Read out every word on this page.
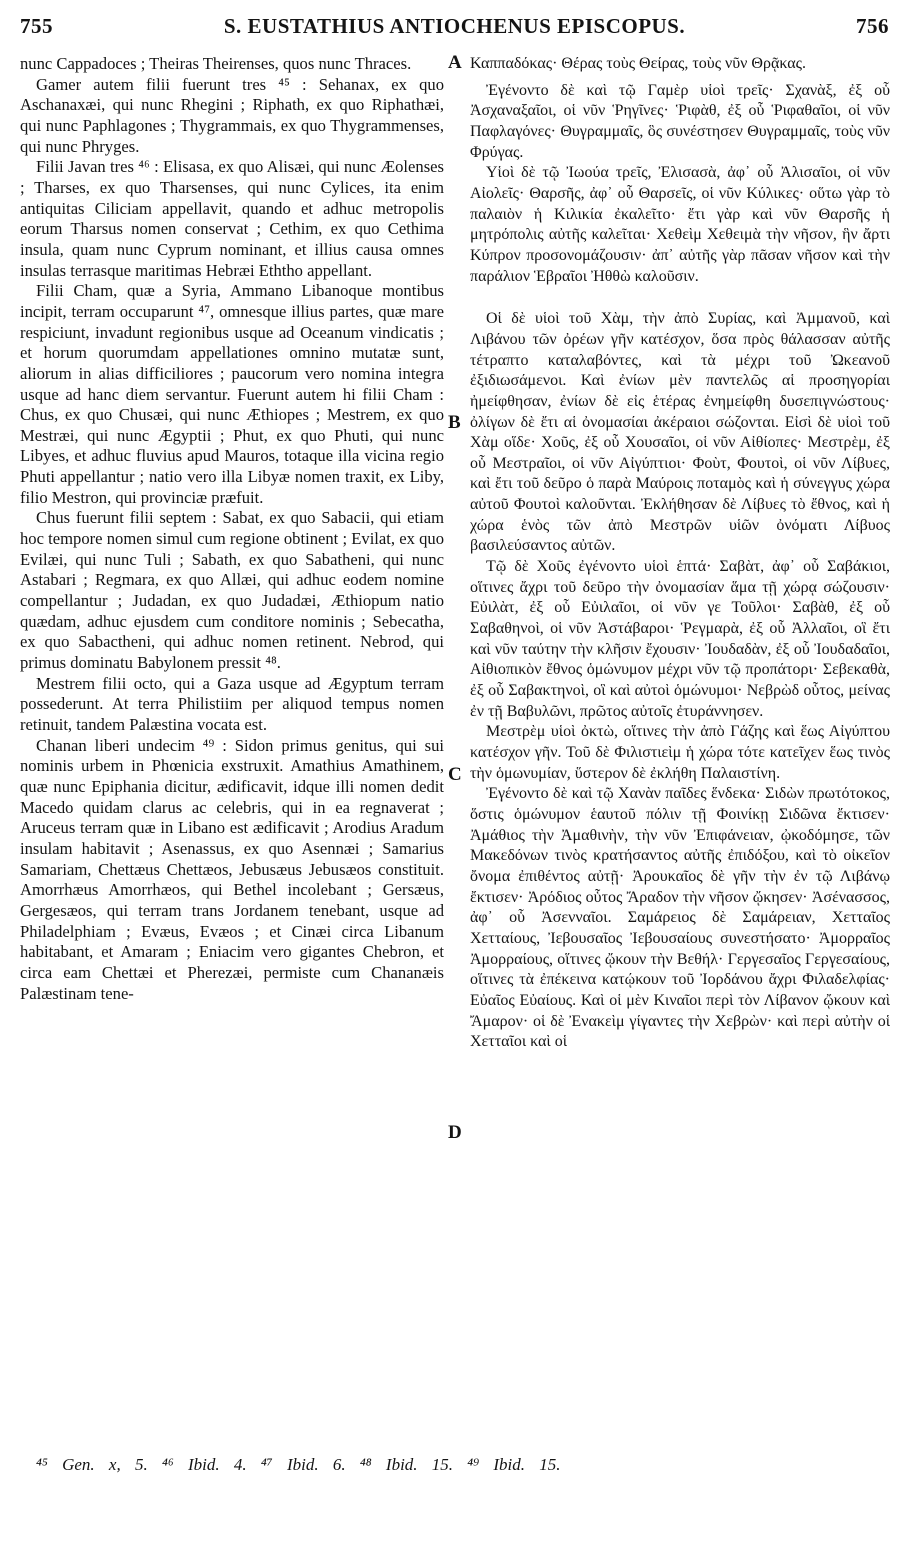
755	S. EUSTATHIUS ANTIOCHENUS EPISCOPUS.	756

nunc Cappadoces ; Theiras Theirenses, quos nunc Thraces.

Gamer autem filii fuerunt tres ⁴⁵ : Sehanax, ex quo Aschanaxæi, qui nunc Rhegini ; Riphath, ex quo Riphathæi, qui nunc Paphlagones ; Thygrammais, ex quo Thygrammenses, qui nunc Phryges.

Filii Javan tres ⁴⁶ : Elisasa, ex quo Alisæi, qui nunc Æolenses ; Tharses, ex quo Tharsenses, qui nunc Cylices, ita enim antiquitas Ciliciam appellavit, quando et adhuc metropolis eorum Tharsus nomen conservat ; Cethim, ex quo Cethima insula, quam nunc Cyprum nominant, et illius causa omnes insulas terrasque maritimas Hebræi Eththo appellant.

Filii Cham, quæ a Syria, Ammano Libanoque montibus incipit, terram occuparunt ⁴⁷, omnesque illius partes, quæ mare respiciunt, invadunt regionibus usque ad Oceanum vindicatis ; et horum quorumdam appellationes omnino mutatæ sunt, aliorum in alias difficiliores ; paucorum vero nomina integra usque ad hanc diem servantur. Fuerunt autem hi filii Cham : Chus, ex quo Chusæi, qui nunc Æthiopes ; Mestrem, ex quo Mestræi, qui nunc Ægyptii ; Phut, ex quo Phuti, qui nunc Libyes, et adhuc fluvius apud Mauros, totaque illa vicina regio Phuti appellantur ; natio vero illa Libyæ nomen traxit, ex Liby, filio Mestron, qui provinciæ præfuit.

Chus fuerunt filii septem : Sabat, ex quo Sabacii, qui etiam hoc tempore nomen simul cum regione obtinent ; Evilat, ex quo Evilæi, qui nunc Tuli ; Sabath, ex quo Sabatheni, qui nunc Astabari ; Regmara, ex quo Allæi, qui adhuc eodem nomine compellantur ; Judadan, ex quo Judadæi, Æthiopum natio quædam, adhuc ejusdem cum conditore nominis ; Sebecatha, ex quo Sabactheni, qui adhuc nomen retinent. Nebrod, qui primus dominatu Babylonem pressit ⁴⁸.

Mestrem filii octo, qui a Gaza usque ad Ægyptum terram possederunt. At terra Philistiim per aliquod tempus nomen retinuit, tandem Palæstina vocata est.

Chanan liberi undecim ⁴⁹ : Sidon primus genitus, qui sui nominis urbem in Phœnicia exstruxit. Amathius Amathinem, quæ nunc Epiphania dicitur, ædificavit, idque illi nomen dedit Macedo quidam clarus ac celebris, qui in ea regnaverat ; Aruceus terram quæ in Libano est ædificavit ; Arodius Aradum insulam habitavit ; Asenassus, ex quo Asennæi ; Samarius Samariam, Chettæus Chettæos, Jebusæus Jebusæos constituit. Amorrhæus Amorrhæos, qui Bethel incolebant ; Gersæus, Gergesæos, qui terram trans Jordanem tenebant, usque ad Philadelphiam ; Evæus, Evæos ; et Cinæi circa Libanum habitabant, et Amaram ; Eniacim vero gigantes Chebron, et circa eam Chettæi et Pherezæi, permiste cum Chananæis Palæstinam tene-

A
B
C
D

Καππαδόκας· Θέρας τοὺς Θείρας, τοὺς νῦν Θρᾷκας.

Ἐγένοντο δὲ καὶ τῷ Γαμὲρ υἱοὶ τρεῖς· Σχανὰξ, ἐξ οὗ Ἀσχαναξαῖοι, οἱ νῦν Ῥηγῖνες· Ῥιφὰθ, ἐξ οὗ Ῥιφαθαῖοι, οἱ νῦν Παφλαγόνες· Θυγραμμαῖς, ὃς συνέστησεν Θυγραμμαῖς, τοὺς νῦν Φρύγας.

Υἱοὶ δὲ τῷ Ἰωούα τρεῖς, Ἐλισασὰ, ἀφ᾽ οὗ Ἀλισαῖοι, οἱ νῦν Αἰολεῖς· Θαρσῆς, ἀφ᾽ οὗ Θαρσεῖς, οἱ νῦν Κύλικες· οὕτω γὰρ τὸ παλαιὸν ἡ Κιλικία ἐκαλεῖτο· ἔτι γὰρ καὶ νῦν Θαρσῆς ἡ μητρόπολις αὐτῆς καλεῖται· Χεθεὶμ Χεθειμὰ τὴν νῆσον, ἣν ἄρτι Κύπρον προσονομάζουσιν· ἀπ᾽ αὐτῆς γὰρ πᾶσαν νῆσον καὶ τὴν παράλιον Ἑβραῖοι Ἠθθὼ καλοῦσιν.

Οἱ δὲ υἱοὶ τοῦ Χὰμ, τὴν ἀπὸ Συρίας, καὶ Ἀμμανοῦ, καὶ Λιβάνου τῶν ὀρέων γῆν κατέσχον, ὅσα πρὸς θάλασσαν αὐτῆς τέτραπτο καταλαβόντες, καὶ τὰ μέχρι τοῦ Ὠκεανοῦ ἐξιδιωσάμενοι. Καὶ ἐνίων μὲν παντελῶς αἱ προσηγορίαι ἠμείφθησαν, ἐνίων δὲ εἰς ἑτέρας ἐνημείφθη δυσεπιγνώστους· ὀλίγων δὲ ἔτι αἱ ὀνομασίαι ἀκέραιοι σώζονται. Εἰσὶ δὲ υἱοὶ τοῦ Χὰμ οἵδε· Χοῦς, ἐξ οὗ Χουσαῖοι, οἱ νῦν Αἰθίοπες· Μεστρὲμ, ἐξ οὗ Μεστραῖοι, οἱ νῦν Αἰγύπτιοι· Φοὺτ, Φουτοὶ, οἱ νῦν Λίβυες, καὶ ἔτι τοῦ δεῦρο ὁ παρὰ Μαύροις ποταμὸς καὶ ἡ σύνεγγυς χώρα αὐτοῦ Φουτοὶ καλοῦνται. Ἐκλήθησαν δὲ Λίβυες τὸ ἔθνος, καὶ ἡ χώρα ἑνὸς τῶν ἀπὸ Μεστρῶν υἱῶν ὀνόματι Λίβυος βασιλεύσαντος αὐτῶν.

Τῷ δὲ Χοῦς ἐγένοντο υἱοὶ ἑπτά· Σαβὰτ, ἀφ᾽ οὗ Σαβάκιοι, οἵτινες ἄχρι τοῦ δεῦρο τὴν ὀνομασίαν ἅμα τῇ χώρᾳ σώζουσιν· Εὐιλὰτ, ἐξ οὗ Εὐιλαῖοι, οἱ νῦν γε Τοῦλοι· Σαβὰθ, ἐξ οὗ Σαβαθηνοὶ, οἱ νῦν Ἀστάβαροι· Ῥεγμαρὰ, ἐξ οὗ Ἀλλαῖοι, οἳ ἔτι καὶ νῦν ταύτην τὴν κλῆσιν ἔχουσιν· Ἰουδαδὰν, ἐξ οὗ Ἰουδαδαῖοι, Αἰθιοπικὸν ἔθνος ὁμώνυμον μέχρι νῦν τῷ προπάτορι· Σεβεκαθὰ, ἐξ οὗ Σαβακτηνοὶ, οἳ καὶ αὐτοὶ ὁμώνυμοι· Νεβρὼδ οὗτος, μείνας ἐν τῇ Βαβυλῶνι, πρῶτος αὐτοῖς ἐτυράννησεν.

Μεστρὲμ υἱοὶ ὀκτὼ, οἵτινες τὴν ἀπὸ Γάζης καὶ ἕως Αἰγύπτου κατέσχον γῆν. Τοῦ δὲ Φιλιστιεὶμ ἡ χώρα τότε κατεῖχεν ἕως τινὸς τὴν ὁμωνυμίαν, ὕστερον δὲ ἐκλήθη Παλαιστίνη.

Ἐγένοντο δὲ καὶ τῷ Χανὰν παῖδες ἕνδεκα· Σιδὼν πρωτότοκος, ὅστις ὁμώνυμον ἑαυτοῦ πόλιν τῇ Φοινίκῃ Σιδῶνα ἔκτισεν· Ἀμάθιος τὴν Ἀμαθινὴν, τὴν νῦν Ἐπιφάνειαν, ᾠκοδόμησε, τῶν Μακεδόνων τινὸς κρατήσαντος αὐτῆς ἐπιδόξου, καὶ τὸ οἰκεῖον ὄνομα ἐπιθέντος αὐτῇ· Ἀρουκαῖος δὲ γῆν τὴν ἐν τῷ Λιβάνῳ ἔκτισεν· Ἀρόδιος οὗτος Ἄραδον τὴν νῆσον ᾤκησεν· Ἀσένασσος, ἀφ᾽ οὗ Ἀσενναῖοι. Σαμάρειος δὲ Σαμάρειαν, Χετταῖος Χετταίους, Ἰεβουσαῖος Ἰεβουσαίους συνεστήσατο· Ἀμορραῖος Ἀμορραίους, οἵτινες ᾤκουν τὴν Βεθήλ· Γεργεσαῖος Γεργεσαίους, οἵτινες τὰ ἐπέκεινα κατῴκουν τοῦ Ἰορδάνου ἄχρι Φιλαδελφίας· Εὐαῖος Εὐαίους. Καὶ οἱ μὲν Κιναῖοι περὶ τὸν Λίβανον ᾤκουν καὶ Ἄμαρον· οἱ δὲ Ἐνακεὶμ γίγαντες τὴν Χεβρὼν· καὶ περὶ αὐτὴν οἱ Χετταῖοι καὶ οἱ

⁴⁵ Gen. x, 5. ⁴⁶ Ibid. 4. ⁴⁷ Ibid. 6. ⁴⁸ Ibid. 15. ⁴⁹ Ibid. 15.
